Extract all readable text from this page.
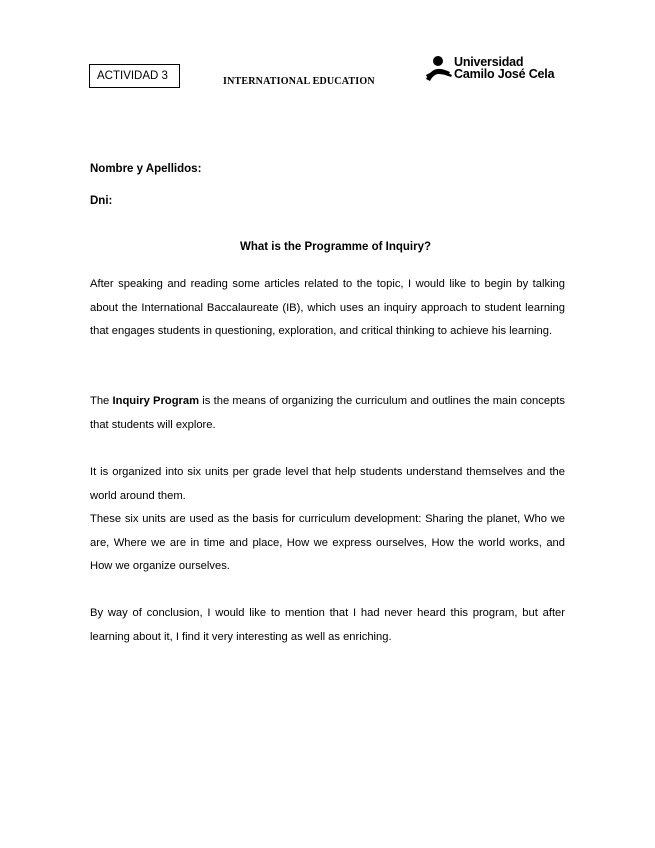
ACTIVIDAD 3	INTERNATIONAL EDUCATION
Universidad
Camilo José Cela
Nombre y Apellidos:
Dni:
What is the Programme of Inquiry?

After speaking and reading some articles related to the topic, I would like to begin by talking about the International Baccalaureate (IB), which uses an inquiry approach to student learning that engages students in questioning, exploration, and critical thinking to achieve his learning.

The Inquiry Program is the means of organizing the curriculum and outlines the main concepts that students will explore.

It is organized into six units per grade level that help students understand themselves and the world around them.

These six units are used as the basis for curriculum development: Sharing the planet, Who we are, Where we are in time and place, How we express ourselves, How the world works, and How we organize ourselves.

By way of conclusion, I would like to mention that I had never heard this program, but after learning about it, I find it very interesting as well as enriching.
